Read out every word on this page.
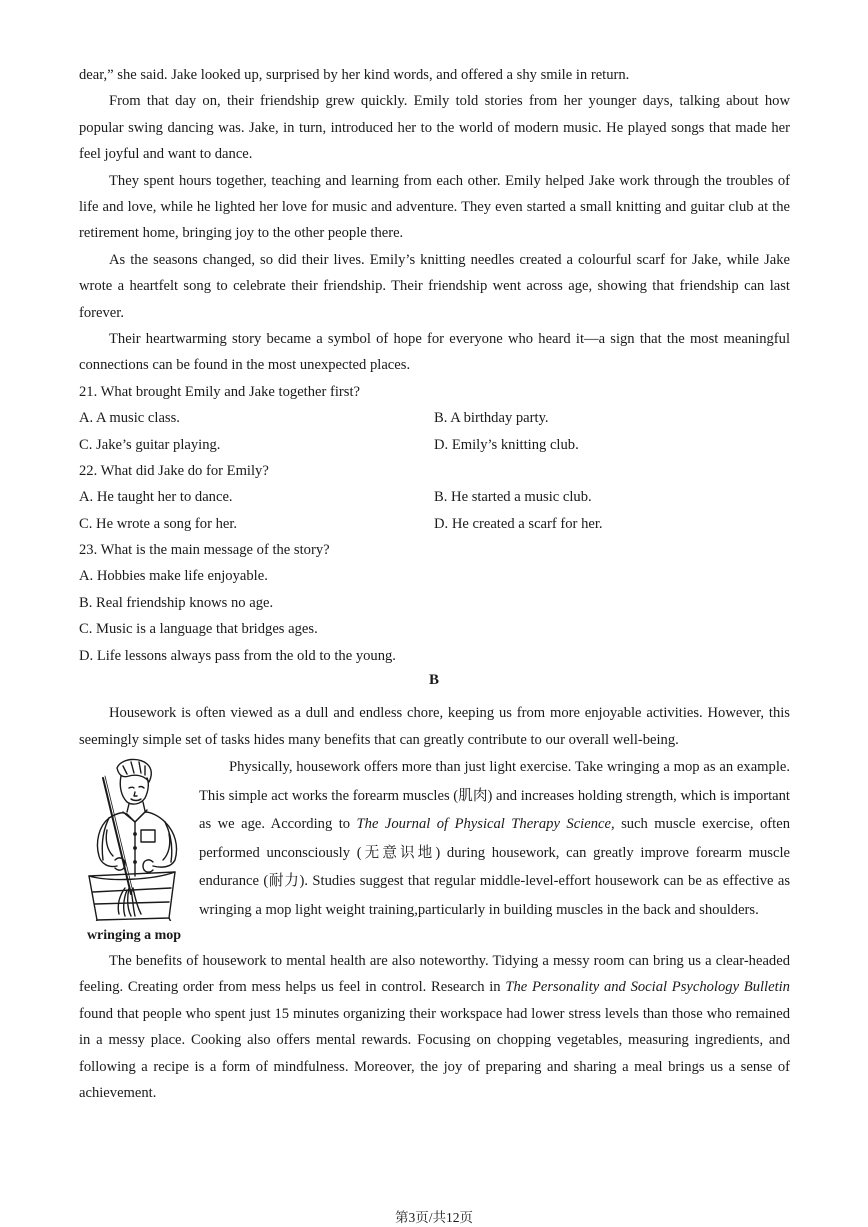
dear,” she said. Jake looked up, surprised by her kind words, and offered a shy smile in return.

From that day on, their friendship grew quickly. Emily told stories from her younger days, talking about how popular swing dancing was. Jake, in turn, introduced her to the world of modern music. He played songs that made her feel joyful and want to dance.

They spent hours together, teaching and learning from each other. Emily helped Jake work through the troubles of life and love, while he lighted her love for music and adventure. They even started a small knitting and guitar club at the retirement home, bringing joy to the other people there.

As the seasons changed, so did their lives. Emily’s knitting needles created a colourful scarf for Jake, while Jake wrote a heartfelt song to celebrate their friendship. Their friendship went across age, showing that friendship can last forever.

Their heartwarming story became a symbol of hope for everyone who heard it—a sign that the most meaningful connections can be found in the most unexpected places.

21. What brought Emily and Jake together first?
A. A music class.	B. A birthday party.
C. Jake’s guitar playing.	D. Emily’s knitting club.
22. What did Jake do for Emily?
A. He taught her to dance.	B. He started a music club.
C. He wrote a song for her.	D. He created a scarf for her.
23. What is the main message of the story?
A. Hobbies make life enjoyable.
B. Real friendship knows no age.
C. Music is a language that bridges ages.
D. Life lessons always pass from the old to the young.
B

Housework is often viewed as a dull and endless chore, keeping us from more enjoyable activities. However, this seemingly simple set of tasks hides many benefits that can greatly contribute to our overall well-being.

wringing a mop

Physically, housework offers more than just light exercise. Take wringing a mop as an example. This simple act works the forearm muscles (肌肉) and increases holding strength, which is important as we age. According to The Journal of Physical Therapy Science, such muscle exercise, often performed unconsciously (无意识地) during housework, can greatly improve forearm muscle endurance (耐力). Studies suggest that regular middle-level-effort housework can be as effective as wringing a mop light weight training,particularly in building muscles in the back and shoulders.

The benefits of housework to mental health are also noteworthy. Tidying a messy room can bring us a clear-headed feeling. Creating order from mess helps us feel in control. Research in The Personality and Social Psychology Bulletin found that people who spent just 15 minutes organizing their workspace had lower stress levels than those who remained in a messy place. Cooking also offers mental rewards. Focusing on chopping vegetables, measuring ingredients, and following a recipe is a form of mindfulness. Moreover, the joy of preparing and sharing a meal brings us a sense of achievement.

第3页/共12页
